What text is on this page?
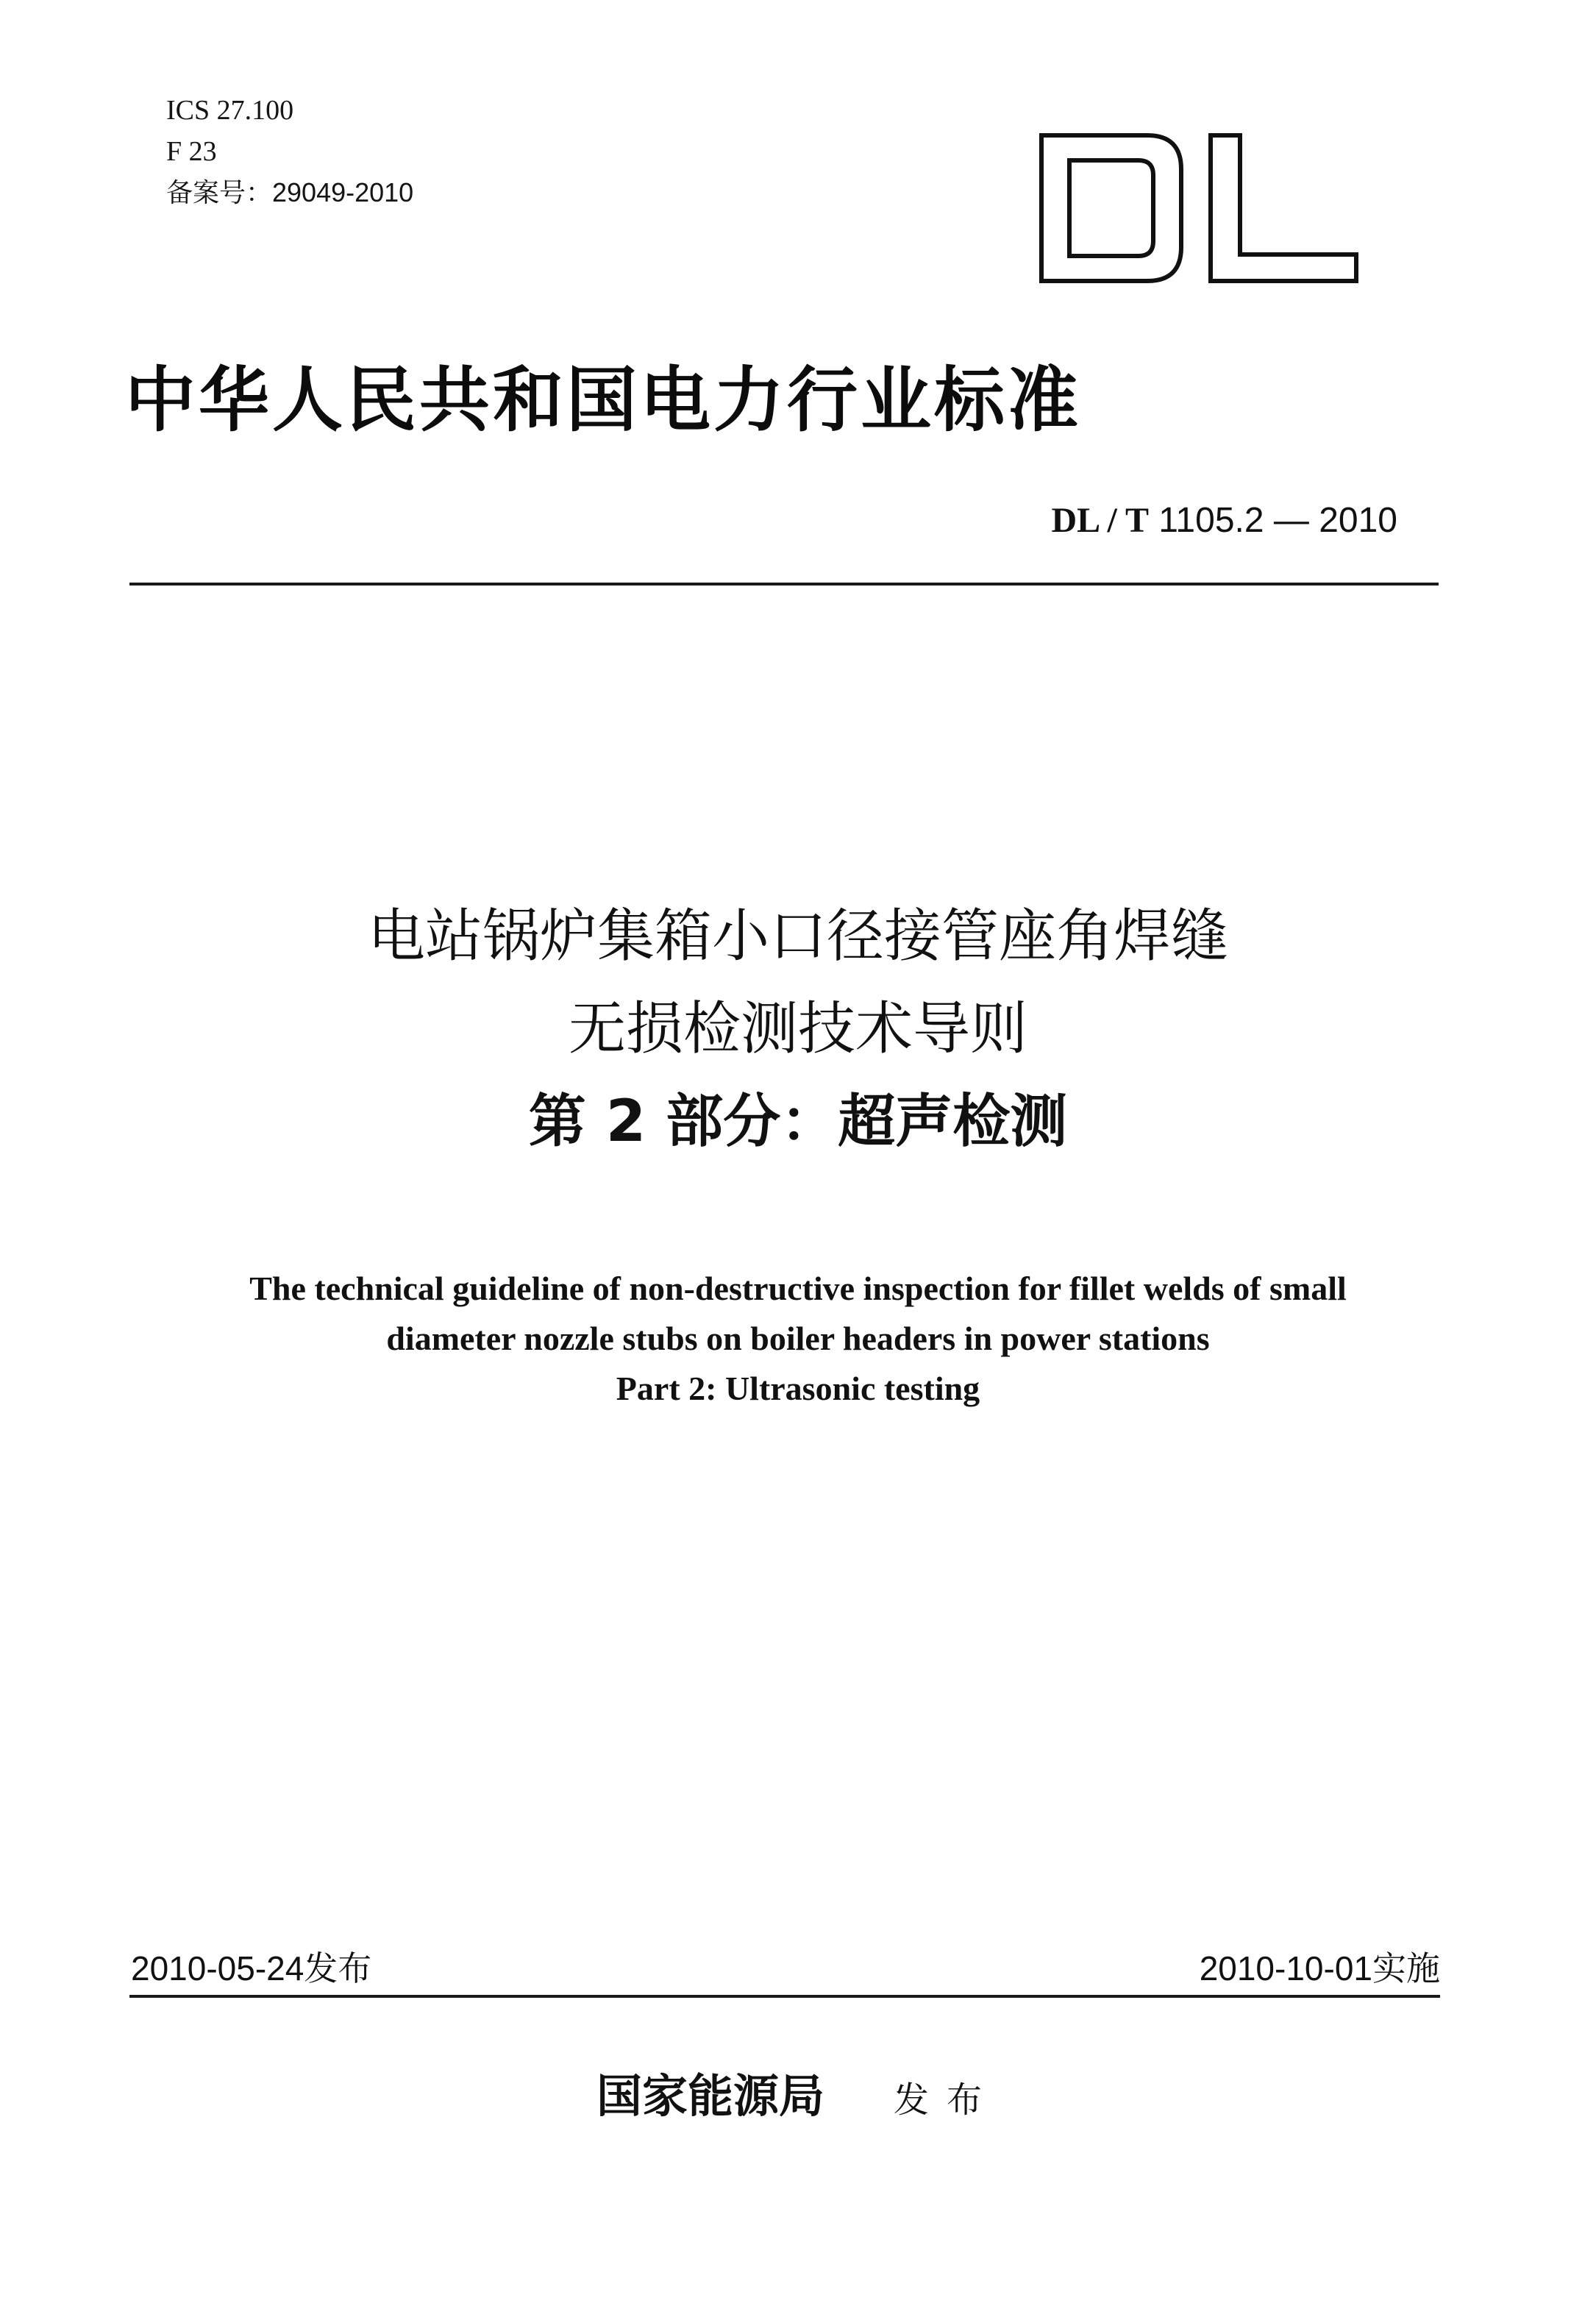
ICS 27.100
F 23
备案号：29049-2010
中华人民共和国电力行业标准
DL / T 1105.2 — 2010
电站锅炉集箱小口径接管座角焊缝
无损检测技术导则
第 2 部分：超声检测
The technical guideline of non-destructive inspection for fillet welds of small
diameter nozzle stubs on boiler headers in power stations
Part 2: Ultrasonic testing
2010-05-24发布	2010-10-01实施
国家能源局 发布
